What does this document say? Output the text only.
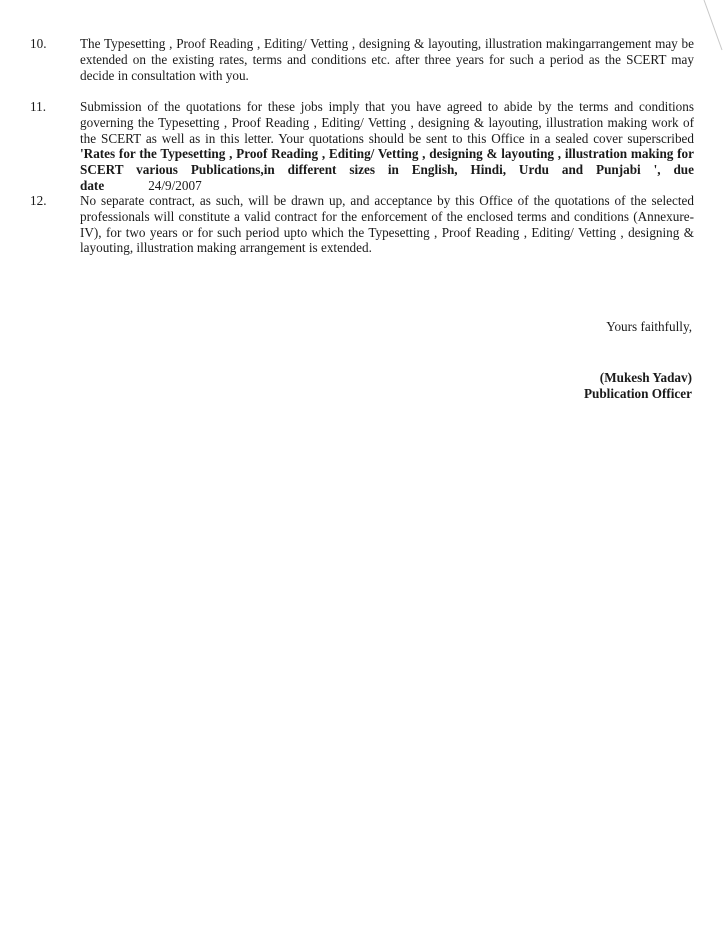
10.	The Typesetting , Proof Reading , Editing/ Vetting , designing & layouting, illustration makingarrangement may be extended on the existing rates, terms and conditions etc. after three years for such a period as the SCERT may decide in consultation with you.
11.	Submission of the quotations for these jobs imply that you have agreed to abide by the terms and conditions governing the Typesetting , Proof Reading , Editing/ Vetting , designing & layouting, illustration making work of the SCERT as well as in this letter. Your quotations should be sent to this Office in a sealed cover superscribed 'Rates for the Typesetting , Proof Reading , Editing/ Vetting , designing & layouting , illustration making for SCERT various Publications,in different sizes in English, Hindi, Urdu and Punjabi ', due date	24/9/2007
12.	No separate contract, as such, will be drawn up, and acceptance by this Office of the quotations of the selected professionals will constitute a valid contract for the enforcement of the enclosed terms and conditions (Annexure-IV), for two years or for such period upto which the Typesetting , Proof Reading , Editing/ Vetting , designing & layouting, illustration making arrangement is extended.
Yours faithfully,
(Mukesh Yadav)
Publication Officer
